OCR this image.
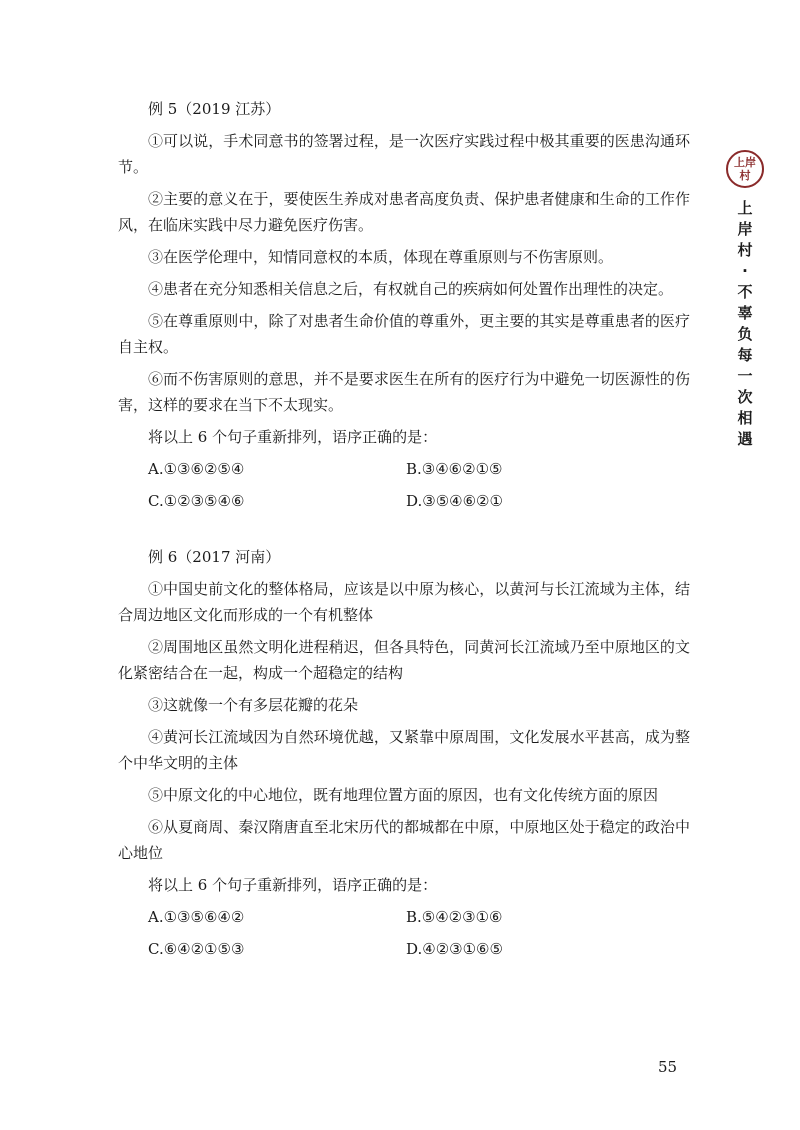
例 5（2019 江苏）

①可以说，手术同意书的签署过程，是一次医疗实践过程中极其重要的医患沟通环节。

②主要的意义在于，要使医生养成对患者高度负责、保护患者健康和生命的工作作风，在临床实践中尽力避免医疗伤害。

③在医学伦理中，知情同意权的本质，体现在尊重原则与不伤害原则。

④患者在充分知悉相关信息之后，有权就自己的疾病如何处置作出理性的决定。

⑤在尊重原则中，除了对患者生命价值的尊重外，更主要的其实是尊重患者的医疗自主权。

⑥而不伤害原则的意思，并不是要求医生在所有的医疗行为中避免一切医源性的伤害，这样的要求在当下不太现实。

将以上 6 个句子重新排列，语序正确的是：
A.①③⑥②⑤④	B.③④⑥②①⑤
C.①②③⑤④⑥	D.③⑤④⑥②①
例 6（2017 河南）

①中国史前文化的整体格局，应该是以中原为核心，以黄河与长江流域为主体，结合周边地区文化而形成的一个有机整体

②周围地区虽然文明化进程稍迟，但各具特色，同黄河长江流域乃至中原地区的文化紧密结合在一起，构成一个超稳定的结构

③这就像一个有多层花瓣的花朵

④黄河长江流域因为自然环境优越，又紧靠中原周围，文化发展水平甚高，成为整个中华文明的主体

⑤中原文化的中心地位，既有地理位置方面的原因，也有文化传统方面的原因

⑥从夏商周、秦汉隋唐直至北宋历代的都城都在中原，中原地区处于稳定的政治中心地位

将以上 6 个句子重新排列，语序正确的是：
A.①③⑤⑥④②	B.⑤④②③①⑥
C.⑥④②①⑤③	D.④②③①⑥⑤
上岸
村
上
岸
村
·
不
辜
负
每
一
次
相
遇
55
